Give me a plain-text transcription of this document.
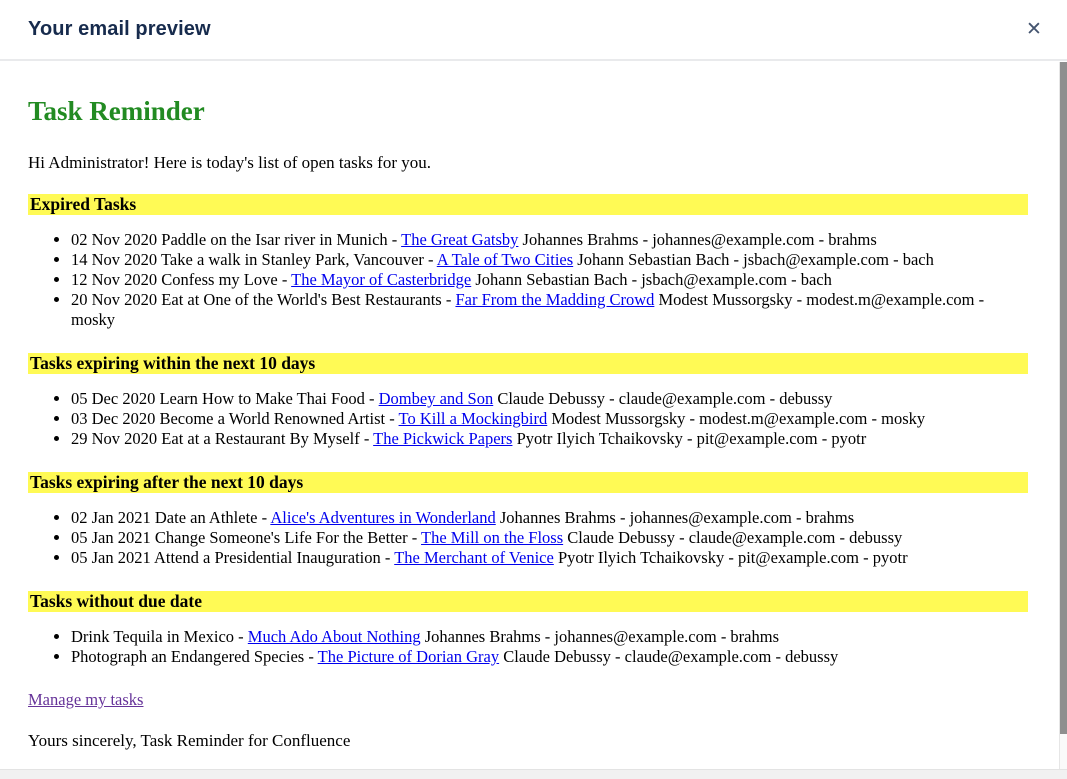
Your email preview	✕
Task Reminder

Hi Administrator! Here is today's list of open tasks for you.

Expired Tasks
• 02 Nov 2020 Paddle on the Isar river in Munich - The Great Gatsby Johannes Brahms - johannes@example.com - brahms
• 14 Nov 2020 Take a walk in Stanley Park, Vancouver - A Tale of Two Cities Johann Sebastian Bach - jsbach@example.com - bach
• 12 Nov 2020 Confess my Love - The Mayor of Casterbridge Johann Sebastian Bach - jsbach@example.com - bach
• 20 Nov 2020 Eat at One of the World's Best Restaurants - Far From the Madding Crowd Modest Mussorgsky - modest.m@example.com - mosky
Tasks expiring within the next 10 days
• 05 Dec 2020 Learn How to Make Thai Food - Dombey and Son Claude Debussy - claude@example.com - debussy
• 03 Dec 2020 Become a World Renowned Artist - To Kill a Mockingbird Modest Mussorgsky - modest.m@example.com - mosky
• 29 Nov 2020 Eat at a Restaurant By Myself - The Pickwick Papers Pyotr Ilyich Tchaikovsky - pit@example.com - pyotr
Tasks expiring after the next 10 days
• 02 Jan 2021 Date an Athlete - Alice's Adventures in Wonderland Johannes Brahms - johannes@example.com - brahms
• 05 Jan 2021 Change Someone's Life For the Better - The Mill on the Floss Claude Debussy - claude@example.com - debussy
• 05 Jan 2021 Attend a Presidential Inauguration - The Merchant of Venice Pyotr Ilyich Tchaikovsky - pit@example.com - pyotr
Tasks without due date
• Drink Tequila in Mexico - Much Ado About Nothing Johannes Brahms - johannes@example.com - brahms
• Photograph an Endangered Species - The Picture of Dorian Gray Claude Debussy - claude@example.com - debussy

Manage my tasks

Yours sincerely, Task Reminder for Confluence
